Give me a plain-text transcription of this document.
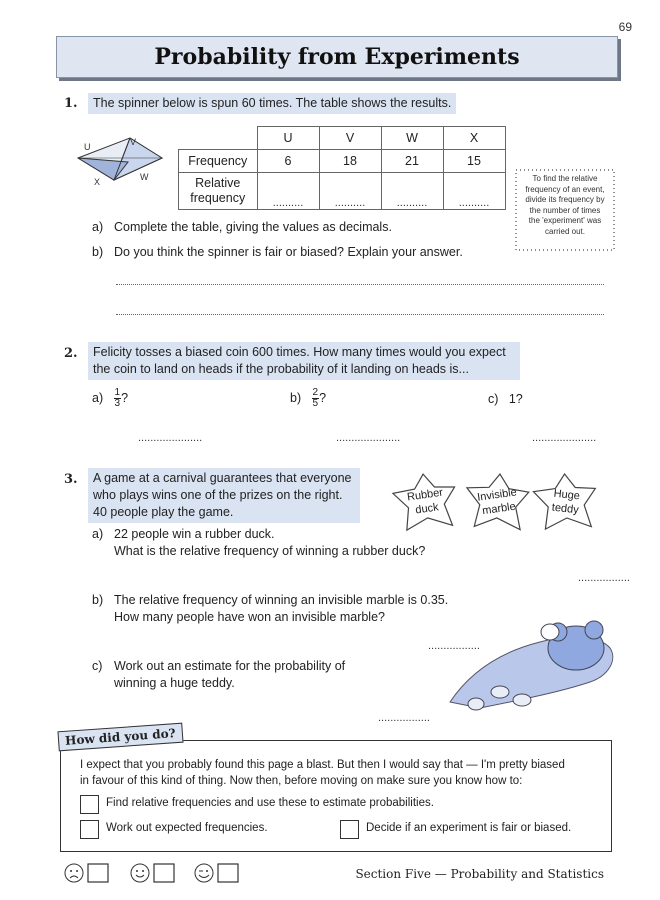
69
Probability from Experiments
1.	The spinner below is spun 60 times. The table shows the results.
U	V
X	W
	U	V	W	X
Frequency	6	18	21	15
Relative
frequency	..........	..........	..........	..........
To find the relative
frequency of an event,
divide its frequency by
the number of times
the 'experiment' was
carried out.
a) Complete the table, giving the values as decimals.
b) Do you think the spinner is fair or biased? Explain your answer.
2. Felicity tosses a biased coin 600 times. How many times would you expect
the coin to land on heads if the probability of it landing on heads is...
$a) \frac{1}{3}$ ?	$b) \frac{2}{5}$ ?	c) 1?
.....................	.....................	.....................
3. A game at a carnival guarantees that everyone
who plays wins one of the prizes on the right.
40 people play the game.
Rubber
duck
Invisible
marble
Huge
teddy
a) 22 people win a rubber duck.
What is the relative frequency of winning a rubber duck?
.................
b) The relative frequency of winning an invisible marble is 0.35.
How many people have won an invisible marble?
.................
c) Work out an estimate for the probability of
winning a huge teddy.
.................
How did you do?
I expect that you probably found this page a blast. But then I would say that — I'm pretty biased
in favour of this kind of thing. Now then, before moving on make sure you know how to:
Find relative frequencies and use these to estimate probabilities.
Work out expected frequencies.	Decide if an experiment is fair or biased.
Section Five — Probability and Statistics
